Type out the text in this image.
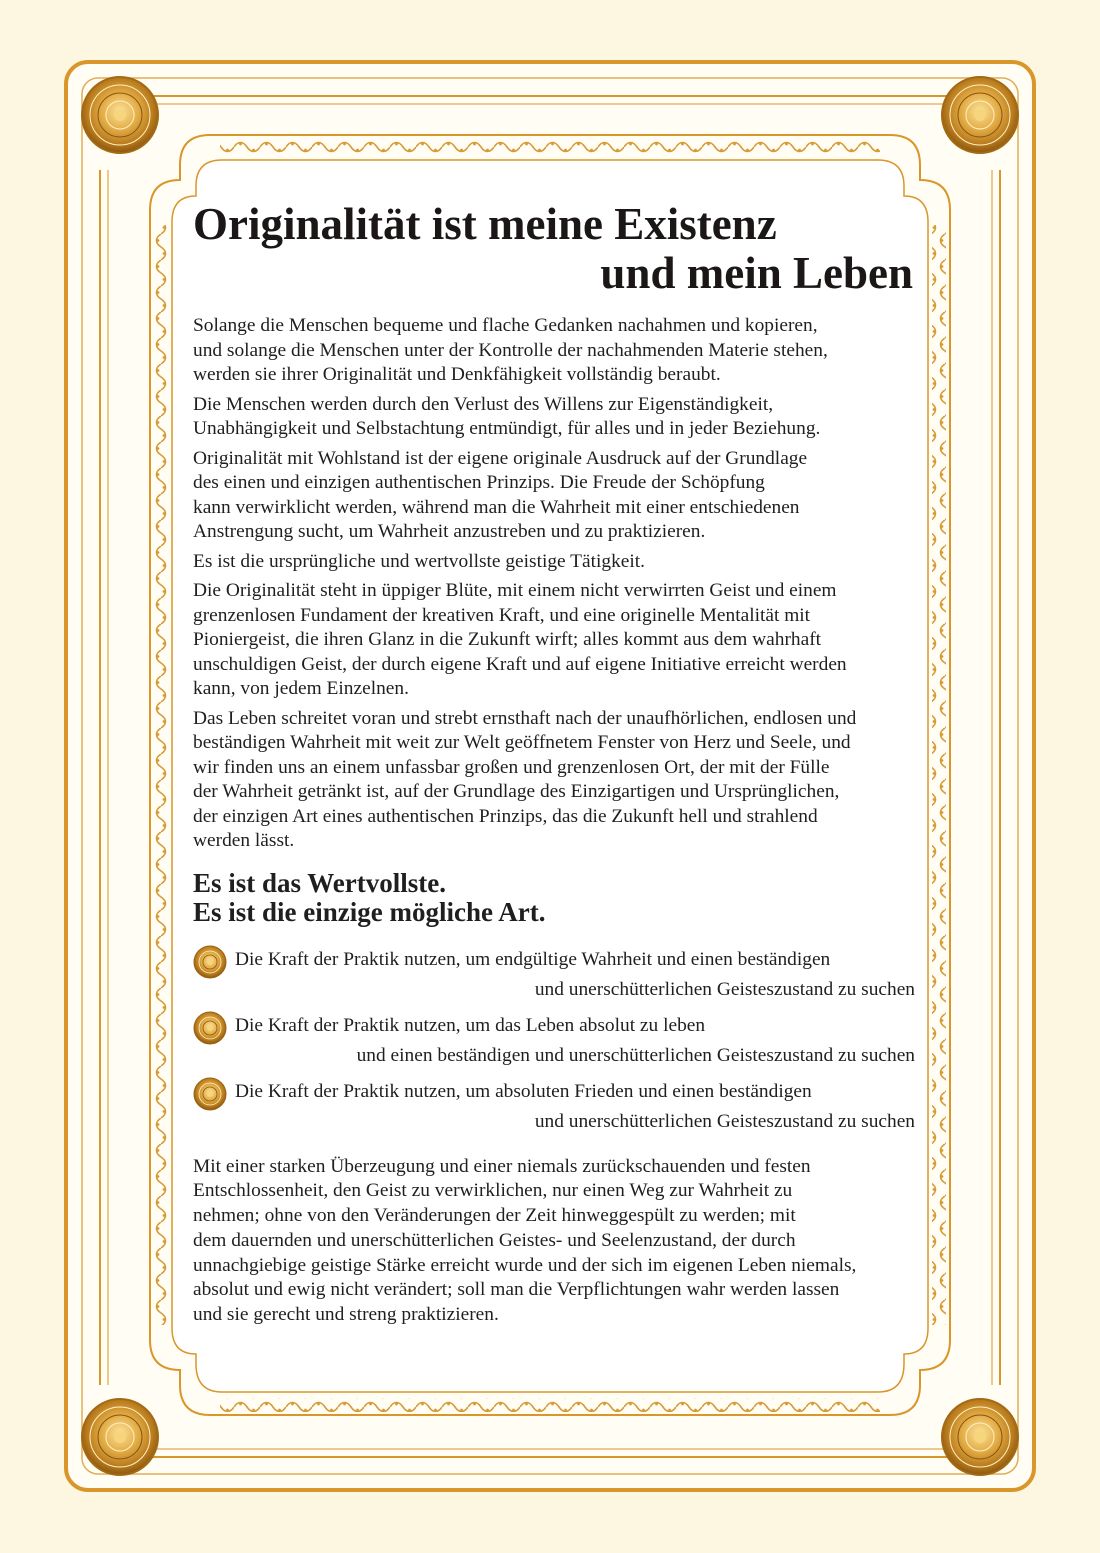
Originalität ist meine Existenz
und mein Leben

Solange die Menschen bequeme und flache Gedanken nachahmen und kopieren,
und solange die Menschen unter der Kontrolle der nachahmenden Materie stehen,
werden sie ihrer Originalität und Denkfähigkeit vollständig beraubt.

Die Menschen werden durch den Verlust des Willens zur Eigenständigkeit,
Unabhängigkeit und Selbstachtung entmündigt, für alles und in jeder Beziehung.

Originalität mit Wohlstand ist der eigene originale Ausdruck auf der Grundlage
des einen und einzigen authentischen Prinzips. Die Freude der Schöpfung
kann verwirklicht werden, während man die Wahrheit mit einer entschiedenen
Anstrengung sucht, um Wahrheit anzustreben und zu praktizieren.

Es ist die ursprüngliche und wertvollste geistige Tätigkeit.

Die Originalität steht in üppiger Blüte, mit einem nicht verwirrten Geist und einem
grenzenlosen Fundament der kreativen Kraft, und eine originelle Mentalität mit
Pioniergeist, die ihren Glanz in die Zukunft wirft; alles kommt aus dem wahrhaft
unschuldigen Geist, der durch eigene Kraft und auf eigene Initiative erreicht werden
kann, von jedem Einzelnen.

Das Leben schreitet voran und strebt ernsthaft nach der unaufhörlichen, endlosen und
beständigen Wahrheit mit weit zur Welt geöffnetem Fenster von Herz und Seele, und
wir finden uns an einem unfassbar großen und grenzenlosen Ort, der mit der Fülle
der Wahrheit getränkt ist, auf der Grundlage des Einzigartigen und Ursprünglichen,
der einzigen Art eines authentischen Prinzips, das die Zukunft hell und strahlend
werden lässt.

Es ist das Wertvollste.
Es ist die einzige mögliche Art.
Die Kraft der Praktik nutzen, um endgültige Wahrheit und einen beständigen
und unerschütterlichen Geisteszustand zu suchen
Die Kraft der Praktik nutzen, um das Leben absolut zu leben
und einen beständigen und unerschütterlichen Geisteszustand zu suchen
Die Kraft der Praktik nutzen, um absoluten Frieden und einen beständigen
und unerschütterlichen Geisteszustand zu suchen

Mit einer starken Überzeugung und einer niemals zurückschauenden und festen
Entschlossenheit, den Geist zu verwirklichen, nur einen Weg zur Wahrheit zu
nehmen; ohne von den Veränderungen der Zeit hinweggespült zu werden; mit
dem dauernden und unerschütterlichen Geistes- und Seelenzustand, der durch
unnachgiebige geistige Stärke erreicht wurde und der sich im eigenen Leben niemals,
absolut und ewig nicht verändert; soll man die Verpflichtungen wahr werden lassen
und sie gerecht und streng praktizieren.
